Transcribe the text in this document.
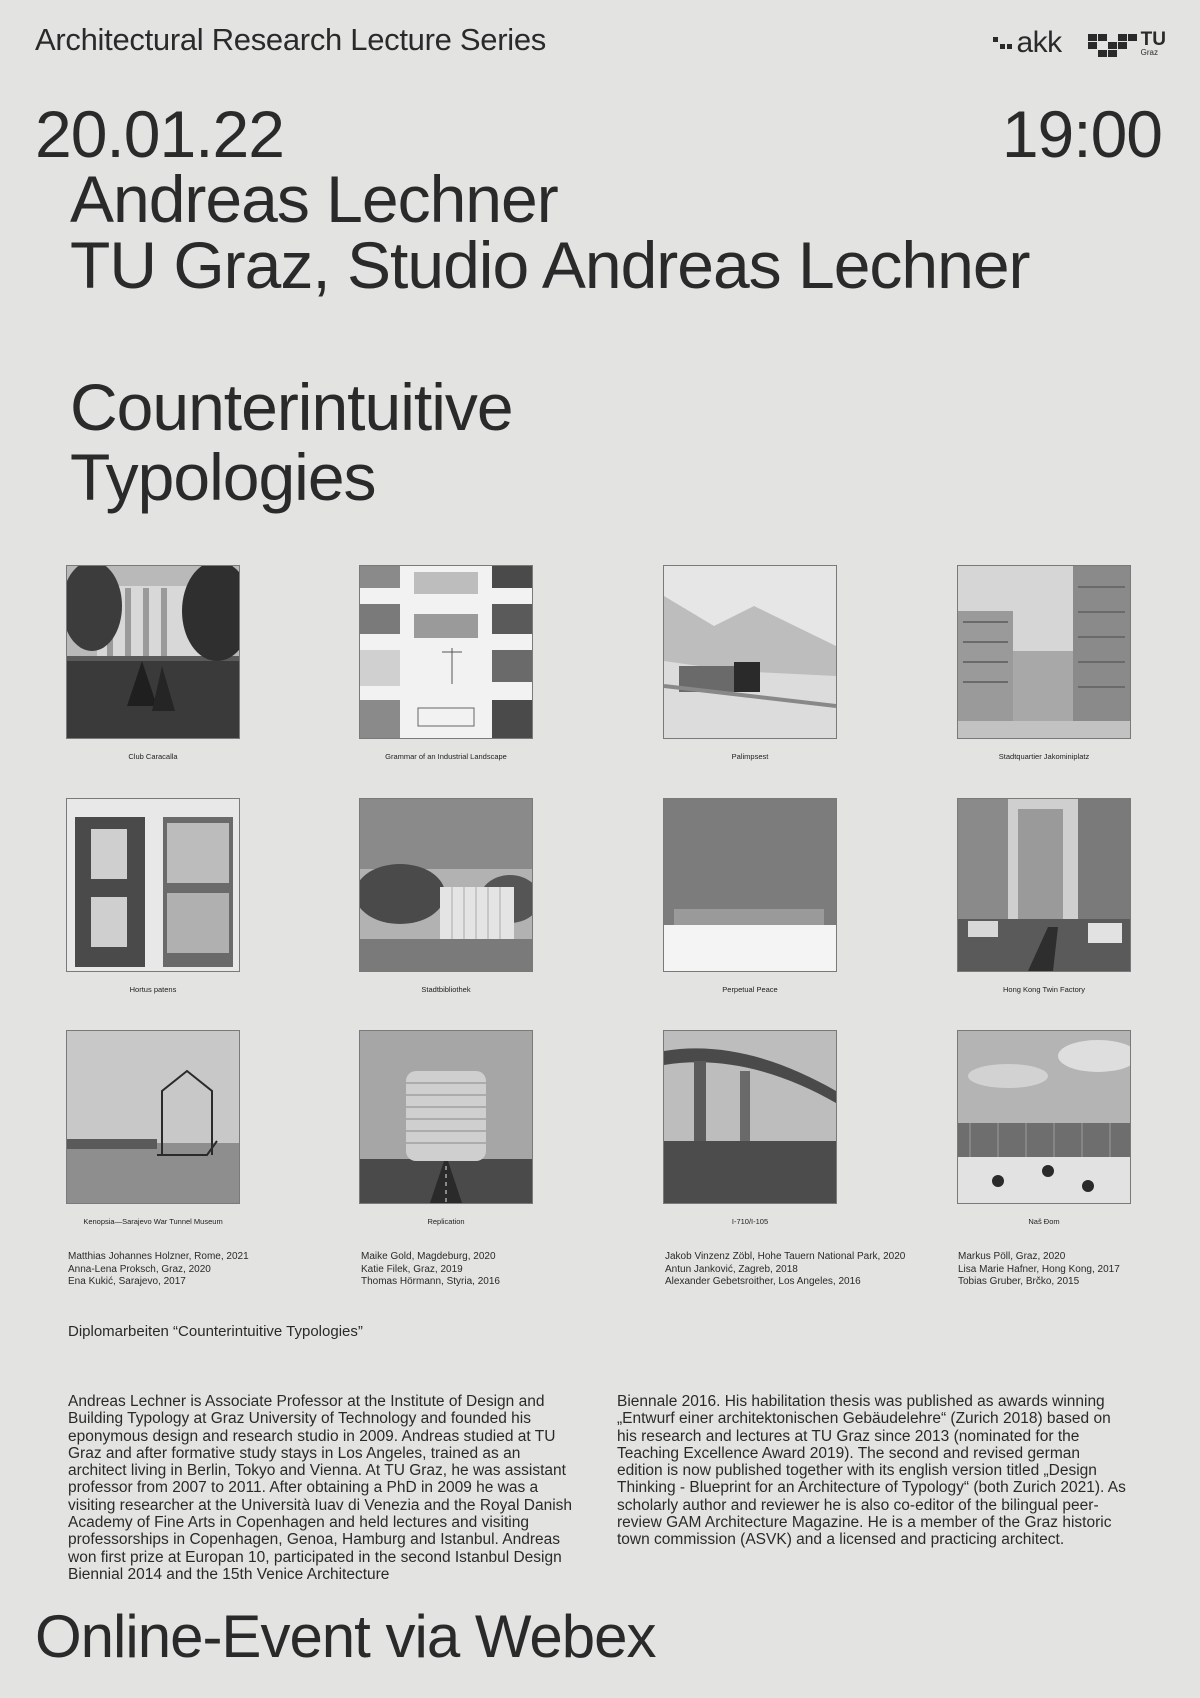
Architectural Research Lecture Series	akk	TU
Graz
20.01.22	19:00
Andreas Lechner
TU Graz, Studio Andreas Lechner
Counterintuitive
Typologies
Club Caracalla	Grammar of an Industrial Landscape	Palimpsest	Stadtquartier Jakominiplatz
Hortus patens	Stadtbibliothek	Perpetual Peace	Hong Kong Twin Factory
Kenopsia—Sarajevo War Tunnel Museum	Replication	I-710/I-105	Naš Đom
Matthias Johannes Holzner, Rome, 2021
Anna-Lena Proksch, Graz, 2020
Ena Kukić, Sarajevo, 2017
Maike Gold, Magdeburg, 2020
Katie Filek, Graz, 2019
Thomas Hörmann, Styria, 2016
Jakob Vinzenz Zöbl, Hohe Tauern National Park, 2020
Antun Janković, Zagreb, 2018
Alexander Gebetsroither, Los Angeles, 2016
Markus Pöll, Graz, 2020
Lisa Marie Hafner, Hong Kong, 2017
Tobias Gruber, Brčko, 2015
Diplomarbeiten “Counterintuitive Typologies”
Andreas Lechner is Associate Professor at the Institute of Design and Building Typology at Graz University of Technology and founded his eponymous design and research studio in 2009. Andreas studied at TU Graz and after formative study stays in Los Angeles, trained as an architect living in Berlin, Tokyo and Vienna. At TU Graz, he was assistant professor from 2007 to 2011. After obtaining a PhD in 2009 he was a visiting researcher at the Università Iuav di Venezia and the Royal Danish Academy of Fine Arts in Copenhagen and held lectures and visiting professorships in Copenhagen, Genoa, Hamburg and Istanbul. Andreas won first prize at Europan 10, participated in the second Istanbul Design Biennial 2014 and the 15th Venice Architecture
Biennale 2016. His habilitation thesis was published as awards winning „Entwurf einer architektonischen Gebäudelehre“ (Zurich 2018) based on his research and lectures at TU Graz since 2013 (nominated for the Teaching Excellence Award 2019). The second and revised german edition is now published together with its english version titled „Design Thinking - Blueprint for an Architecture of Typology“ (both Zurich 2021). As scholarly author and reviewer he is also co-editor of the bilingual peer-review GAM Architecture Magazine. He is a member of the Graz historic town commission (ASVK) and a licensed and practicing architect.
Online-Event via Webex
